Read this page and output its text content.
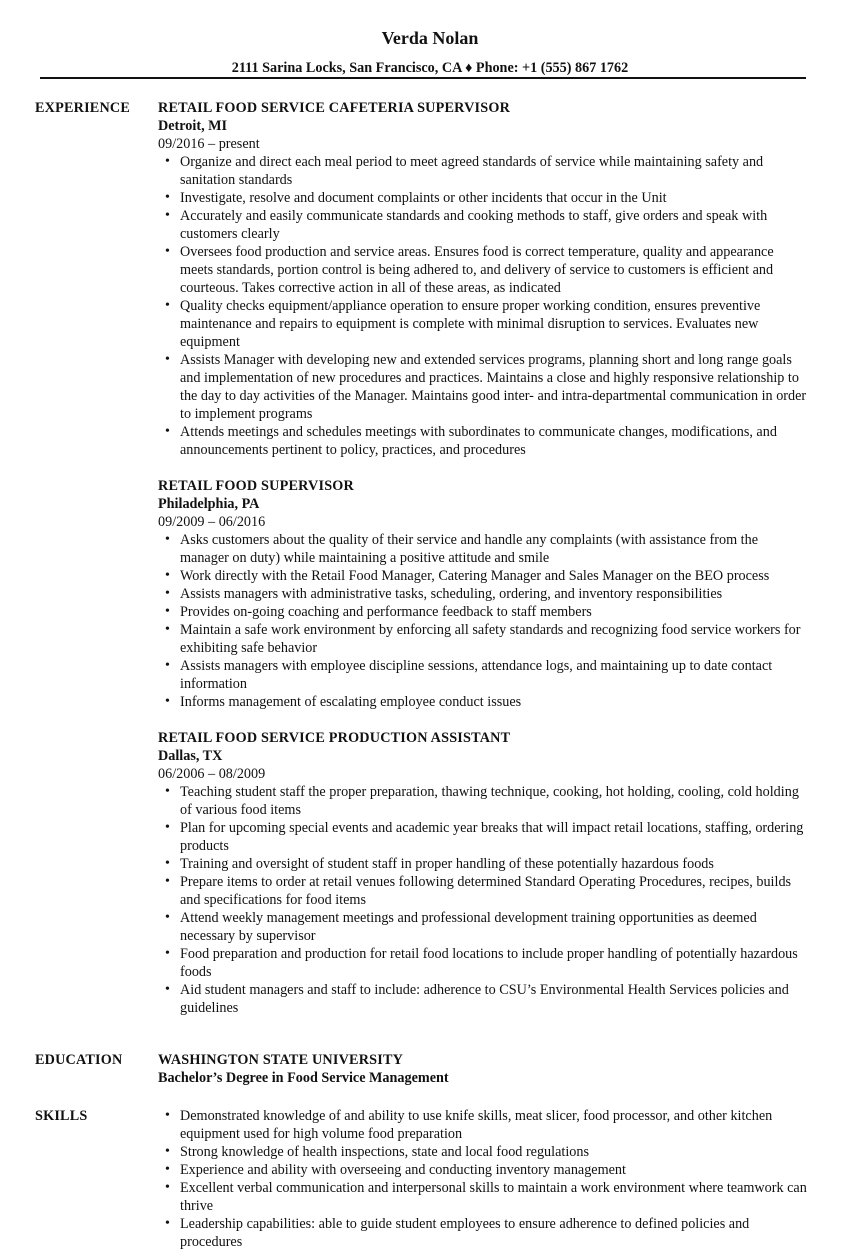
Verda Nolan
2111 Sarina Locks, San Francisco, CA ♦ Phone: +1 (555) 867 1762
EXPERIENCE RETAIL FOOD SERVICE CAFETERIA SUPERVISOR
Detroit, MI
09/2016 – present
• Organize and direct each meal period to meet agreed standards of service while maintaining safety and sanitation standards
• Investigate, resolve and document complaints or other incidents that occur in the Unit
• Accurately and easily communicate standards and cooking methods to staff, give orders and speak with customers clearly
• Oversees food production and service areas. Ensures food is correct temperature, quality and appearance meets standards, portion control is being adhered to, and delivery of service to customers is efficient and courteous. Takes corrective action in all of these areas, as indicated
• Quality checks equipment/appliance operation to ensure proper working condition, ensures preventive maintenance and repairs to equipment is complete with minimal disruption to services. Evaluates new equipment
• Assists Manager with developing new and extended services programs, planning short and long range goals and implementation of new procedures and practices. Maintains a close and highly responsive relationship to the day to day activities of the Manager. Maintains good inter- and intra-departmental communication in order to implement programs
• Attends meetings and schedules meetings with subordinates to communicate changes, modifications, and announcements pertinent to policy, practices, and procedures
RETAIL FOOD SUPERVISOR
Philadelphia, PA
09/2009 – 06/2016
• Asks customers about the quality of their service and handle any complaints (with assistance from the manager on duty) while maintaining a positive attitude and smile
• Work directly with the Retail Food Manager, Catering Manager and Sales Manager on the BEO process
• Assists managers with administrative tasks, scheduling, ordering, and inventory responsibilities
• Provides on-going coaching and performance feedback to staff members
• Maintain a safe work environment by enforcing all safety standards and recognizing food service workers for exhibiting safe behavior
• Assists managers with employee discipline sessions, attendance logs, and maintaining up to date contact information
• Informs management of escalating employee conduct issues
RETAIL FOOD SERVICE PRODUCTION ASSISTANT
Dallas, TX
06/2006 – 08/2009
• Teaching student staff the proper preparation, thawing technique, cooking, hot holding, cooling, cold holding of various food items
• Plan for upcoming special events and academic year breaks that will impact retail locations, staffing, ordering products
• Training and oversight of student staff in proper handling of these potentially hazardous foods
• Prepare items to order at retail venues following determined Standard Operating Procedures, recipes, builds and specifications for food items
• Attend weekly management meetings and professional development training opportunities as deemed necessary by supervisor
• Food preparation and production for retail food locations to include proper handling of potentially hazardous foods
• Aid student managers and staff to include: adherence to CSU’s Environmental Health Services policies and guidelines
EDUCATION	WASHINGTON STATE UNIVERSITY
Bachelor’s Degree in Food Service Management
SKILLS	• Demonstrated knowledge of and ability to use knife skills, meat slicer, food processor, and other kitchen equipment used for high volume food preparation
• Strong knowledge of health inspections, state and local food regulations
• Experience and ability with overseeing and conducting inventory management
• Excellent verbal communication and interpersonal skills to maintain a work environment where teamwork can thrive
• Leadership capabilities: able to guide student employees to ensure adherence to defined policies and procedures
